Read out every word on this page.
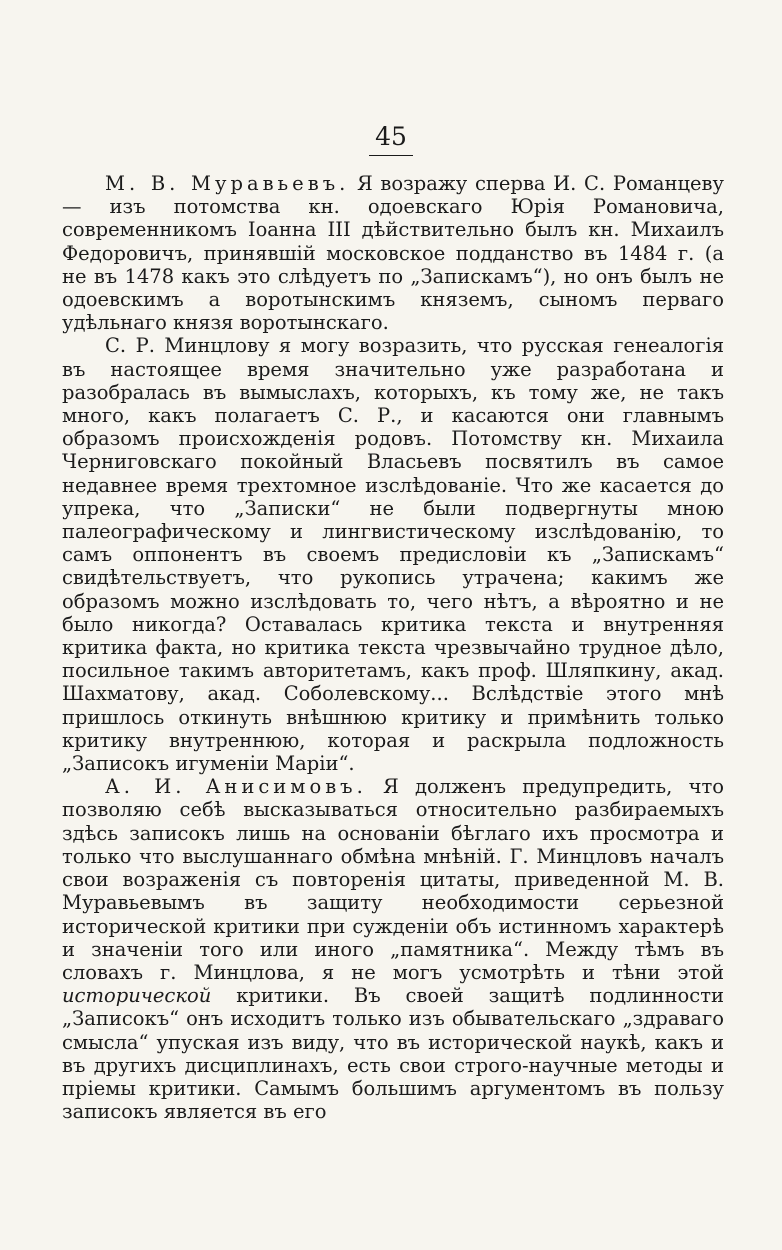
45

М. В. Муравьевъ. Я возражу сперва И. С. Романцеву — изъ потомства кн. одоевскаго Юрія Романовича, современникомъ Іоанна III дѣйствительно былъ кн. Михаилъ Федоровичъ, принявшій московское подданство въ 1484 г. (а не въ 1478 какъ это слѣдуетъ по „Запискамъ“), но онъ былъ не одоевскимъ а воротынскимъ княземъ, сыномъ перваго удѣльнаго князя воротынскаго.

С. Р. Минцлову я могу возразить, что русская генеалогія въ настоящее время значительно уже разработана и разобралась въ вымыслахъ, которыхъ, къ тому же, не такъ много, какъ полагаетъ С. Р., и касаются они главнымъ образомъ происхожденія родовъ. Потомству кн. Михаила Черниговскаго покойный Власьевъ посвятилъ въ самое недавнее время трехтомное изслѣдованіе. Что же касается до упрека, что „Записки“ не были подвергнуты мною палеографическому и лингвистическому изслѣдованію, то самъ оппонентъ въ своемъ предисловіи къ „Запискамъ“ свидѣтельствуетъ, что рукопись утрачена; какимъ же образомъ можно изслѣдовать то, чего нѣтъ, а вѣроятно и не было никогда? Оставалась критика текста и внутренняя критика факта, но критика текста чрезвычайно трудное дѣло, посильное такимъ авторитетамъ, какъ проф. Шляпкину, акад. Шахматову, акад. Соболевскому... Вслѣдствіе этого мнѣ пришлось откинуть внѣшнюю критику и примѣнить только критику внутреннюю, которая и раскрыла подложность „Записокъ игуменіи Маріи“.

А. И. Анисимовъ. Я долженъ предупредить, что позволяю себѣ высказываться относительно разбираемыхъ здѣсь записокъ лишь на основаніи бѣглаго ихъ просмотра и только что выслушаннаго обмѣна мнѣній. Г. Минцловъ началъ свои возраженія съ повторенія цитаты, приведенной М. В. Муравьевымъ въ защиту необходимости серьезной исторической критики при сужденіи объ истинномъ характерѣ и значеніи того или иного „памятника“. Между тѣмъ въ словахъ г. Минцлова, я не могъ усмотрѣть и тѣни этой исторической критики. Въ своей защитѣ подлинности „Записокъ“ онъ исходитъ только изъ обывательскаго „здраваго смысла“ упуская изъ виду, что въ исторической наукѣ, какъ и въ другихъ дисциплинахъ, есть свои строго-научные методы и пріемы критики. Самымъ большимъ аргументомъ въ пользу записокъ является въ его
